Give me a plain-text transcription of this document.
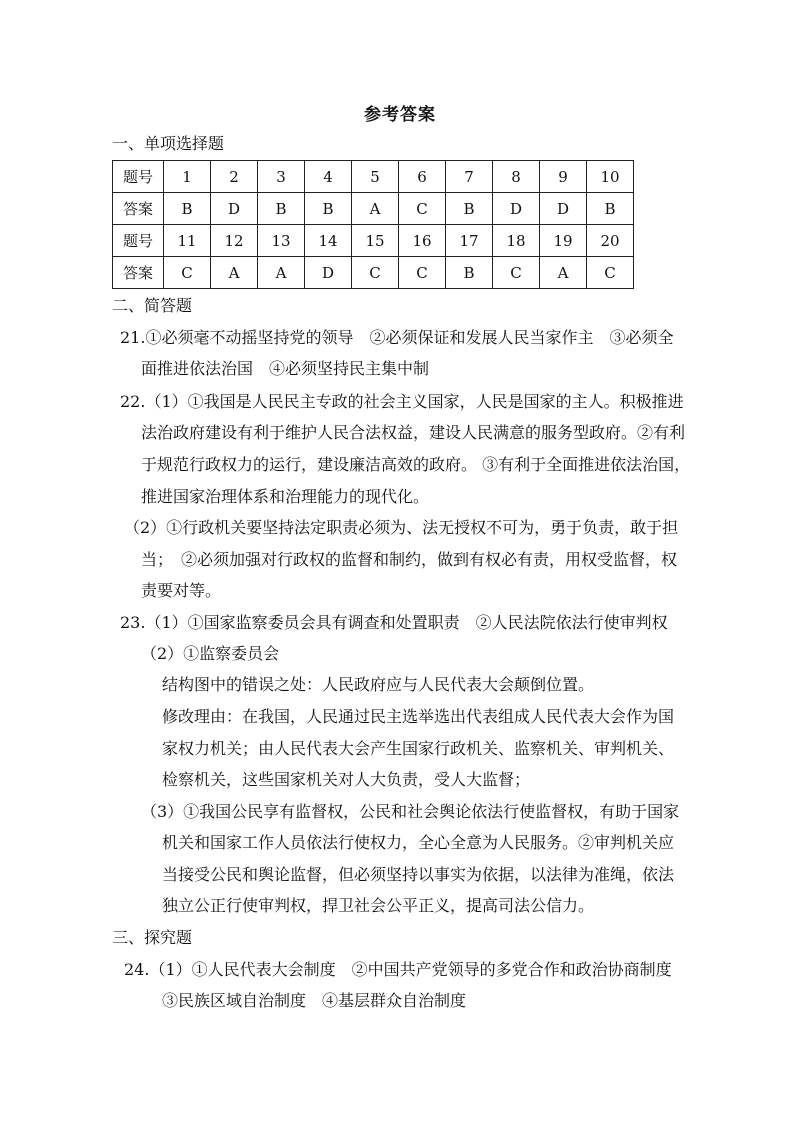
参考答案
一、单项选择题
题号	1	2	3	4	5	6	7	8	9	10
答案	B	D	B	B	A	C	B	D	D	B
题号	11	12	13	14	15	16	17	18	19	20
答案	C	A	A	D	C	C	B	C	A	C
二、简答题
21.①必须毫不动摇坚持党的领导　②必须保证和发展人民当家作主　③必须全
面推进依法治国　④必须坚持民主集中制
22.（1）①我国是人民民主专政的社会主义国家，人民是国家的主人。积极推进
法治政府建设有利于维护人民合法权益，建设人民满意的服务型政府。②有利
于规范行政权力的运行，建设廉洁高效的政府。 ③有利于全面推进依法治国，
推进国家治理体系和治理能力的现代化。
（2）①行政机关要坚持法定职责必须为、法无授权不可为，勇于负责，敢于担
当；　②必须加强对行政权的监督和制约，做到有权必有责，用权受监督，权
责要对等。
23.（1）①国家监察委员会具有调查和处置职责　②人民法院依法行使审判权
（2）①监察委员会
结构图中的错误之处：人民政府应与人民代表大会颠倒位置。
修改理由：在我国，人民通过民主选举选出代表组成人民代表大会作为国
家权力机关；由人民代表大会产生国家行政机关、监察机关、审判机关、
检察机关，这些国家机关对人大负责，受人大监督；
（3）①我国公民享有监督权，公民和社会舆论依法行使监督权，有助于国家
机关和国家工作人员依法行使权力，全心全意为人民服务。②审判机关应
当接受公民和舆论监督，但必须坚持以事实为依据，以法律为准绳，依法
独立公正行使审判权，捍卫社会公平正义，提高司法公信力。
三、探究题
24.（1）①人民代表大会制度　②中国共产党领导的多党合作和政治协商制度
③民族区域自治制度　④基层群众自治制度
